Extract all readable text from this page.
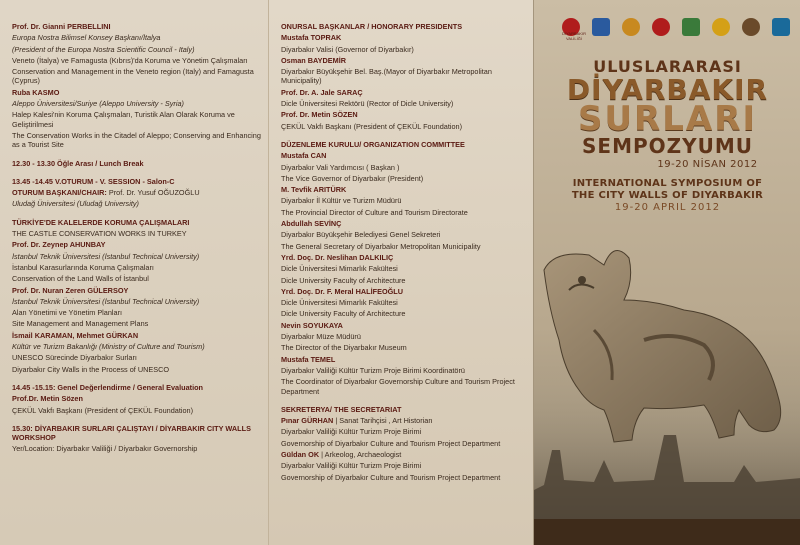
Prof. Dr. Gianni PERBELLINI
Europa Nostra Bilimsel Konsey Başkanı/İtalya
(President of the Europa Nostra Scientific Council - Italy)
Veneto (İtalya) ve Famagusta (Kıbrıs)'da Koruma ve Yönetim Çalışmaları
Conservation and Management in the Veneto region (Italy) and Famagusta (Cyprus)
Ruba KASMO
Aleppo Üniversitesi/Suriye (Aleppo University - Syria)
Halep Kalesi'nin Koruma Çalışmaları, Turistik Alan Olarak Koruma ve Geliştirilmesi
The Conservation Works in the Citadel of Aleppo; Conserving and Enhancing as a Tourist Site
12.30 - 13.30 Öğle Arası / Lunch Break
13.45 -14.45 V.OTURUM - V. SESSION - Salon-C
OTURUM BAŞKANI/CHAIR: Prof. Dr. Yusuf OĞUZOĞLU
Uludağ Üniversitesi (Uludağ University)
TÜRKİYE'DE KALELERDE KORUMA ÇALIŞMALARI
THE CASTLE CONSERVATION WORKS IN TURKEY
Prof. Dr. Zeynep AHUNBAY
İstanbul Teknik Üniversitesi (İstanbul Technical University)
İstanbul Karasurlarında Koruma Çalışmaları
Conservation of the Land Walls of İstanbul
Prof. Dr. Nuran Zeren GÜLERSOY
İstanbul Teknik Üniversitesi (İstanbul Technical University)
Alan Yönetimi ve Yönetim Planları
Site Management and Management Plans
İsmail KARAMAN, Mehmet GÜRKAN
Kültür ve Turizm Bakanlığı (Ministry of Culture and Tourism)
UNESCO Sürecinde Diyarbakır Surları
Diyarbakır City Walls in the Process of UNESCO
14.45 -15.15: Genel Değerlendirme / General Evaluation
Prof.Dr. Metin Sözen
ÇEKÜL Vakfı Başkanı (President of ÇEKÜL Foundation)
15.30: DİYARBAKIR SURLARI ÇALIŞTAYI / DİYARBAKIR CITY WALLS WORKSHOP
Yer/Location: Diyarbakır Valiliği / Diyarbakır Governorship
ONURSAL BAŞKANLAR / HONORARY PRESIDENTS
Mustafa TOPRAK
Diyarbakır Valisi (Governor of Diyarbakır)
Osman BAYDEMİR
Diyarbakır Büyükşehir Bel. Baş.(Mayor of Diyarbakır Metropolitan Municipality)
Prof. Dr. A. Jale SARAÇ
Dicle Üniversitesi Rektörü (Rector of Dicle University)
Prof. Dr. Metin SÖZEN
ÇEKÜL Vakfı Başkanı (President of ÇEKÜL Foundation)
DÜZENLEME KURULU/ ORGANIZATION COMMITTEE
Mustafa CAN
Diyarbakır Vali Yardımcısı ( Başkan )
The Vice Governor of Diyarbakır (President)
M. Tevfik ARITÜRK
Diyarbakır İl Kültür ve Turizm Müdürü
The Provincial Director of Culture and Tourism Directorate
Abdullah SEVİNÇ
Diyarbakır Büyükşehir Belediyesi Genel Sekreteri
The General Secretary of Diyarbakır Metropolitan Municipality
Yrd. Doç. Dr. Neslihan DALKILIÇ
Dicle Üniversitesi Mimarlık Fakültesi
Dicle University Faculty of Architecture
Yrd. Doç. Dr. F. Meral HALİFEOĞLU
Dicle Üniversitesi Mimarlık Fakültesi
Dicle University Faculty of Architecture
Nevin SOYUKAYA
Diyarbakır Müze Müdürü
The Director of the Diyarbakır Museum
Mustafa TEMEL
Diyarbakır Valiliği Kültür Turizm Proje Birimi Koordinatörü
The Coordinator of Diyarbakır Governorship Culture and Tourism Project Department
SEKRETERYA/ THE SECRETARIAT
Pınar GÜRHAN | Sanat Tarihçisi , Art Historian
Diyarbakır Valiliği Kültür Turizm Proje Birimi
Governorship of Diyarbakır Culture and Tourism Project Department
Güldan OK | Arkeolog, Archaeologist
Diyarbakır Valiliği Kültür Turizm Proje Birimi
Governorship of Diyarbakır Culture and Tourism Project Department
DİYARBAKIR VALİLİĞİ
ULUSLARARASI
DİYARBAKIR
SURLARI
SEMPOZYUMU
19-20 NİSAN 2012
INTERNATIONAL SYMPOSIUM OF
THE CITY WALLS OF DIYARBAKIR
19-20 APRIL 2012
